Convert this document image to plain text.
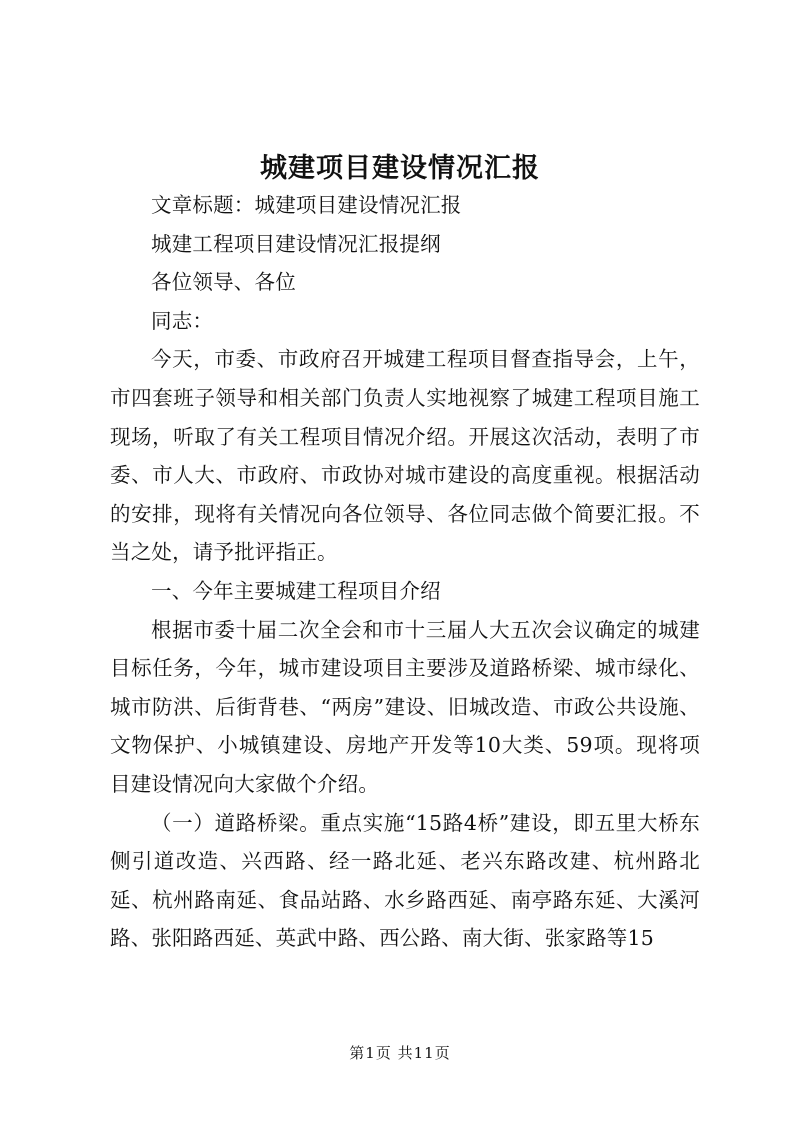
城建项目建设情况汇报

文章标题：城建项目建设情况汇报

城建工程项目建设情况汇报提纲

各位领导、各位

同志：

今天，市委、市政府召开城建工程项目督查指导会，上午，市四套班子领导和相关部门负责人实地视察了城建工程项目施工现场，听取了有关工程项目情况介绍。开展这次活动，表明了市委、市人大、市政府、市政协对城市建设的高度重视。根据活动的安排，现将有关情况向各位领导、各位同志做个简要汇报。不当之处，请予批评指正。

一、今年主要城建工程项目介绍

根据市委十届二次全会和市十三届人大五次会议确定的城建目标任务，今年，城市建设项目主要涉及道路桥梁、城市绿化、城市防洪、后街背巷、“两房”建设、旧城改造、市政公共设施、文物保护、小城镇建设、房地产开发等10大类、59项。现将项目建设情况向大家做个介绍。

（一）道路桥梁。重点实施“15路4桥”建设，即五里大桥东侧引道改造、兴西路、经一路北延、老兴东路改建、杭州路北延、杭州路南延、食品站路、水乡路西延、南亭路东延、大溪河路、张阳路西延、英武中路、西公路、南大街、张家路等15

第1页 共11页
